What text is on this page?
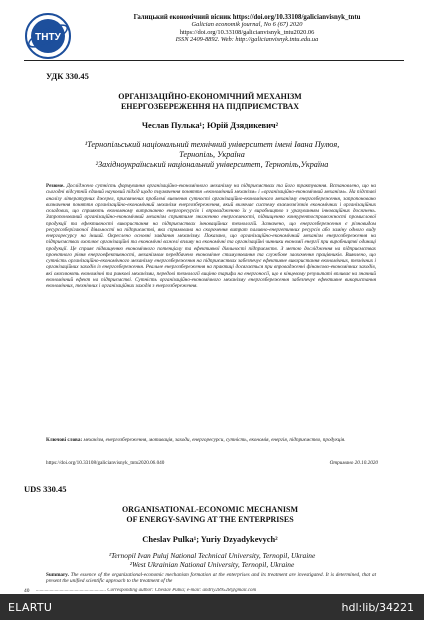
ТНТУ
Галицький економічний вісник https://doi.org/10.33108/galicianvisnyk_tntu
Galician economik journal, No 6 (67) 2020
https://doi.org/10.33108/galicianvisnyk_tntu2020.06
ISSN 2409-8892. Web: http://galicianvisnyk.tntu.edu.ua
УДК 330.45
ОРГАНІЗАЦІЙНО-ЕКОНОМІЧНИЙ МЕХАНІЗМ
ЕНЕРГОЗБЕРЕЖЕННЯ НА ПІДПРИЄМСТВАХ
Чеслав Пулька¹; Юрій Дзядикевич²
¹Тернопільський національний технічний університет імені Івана Пулюя,
Тернопіль, Україна
²Західноукраїнський національний університет, Тернопіль,Україна
Резюме. Досліджено сутність формування організаційно-економічного механізму на підприємствах та його трактування. Встановлено, що на сьогодні відсутній єдиний науковий підхід щодо тлумачення поняття «економічний механізм» і «організаційно-економічний механізм». На підставі аналізу літературних джерел, присвячених проблемі вивчення сутності організаційно-економічного механізму енергозбереження, запропоновано визначення поняття організаційно-економічний механізм енергозбереження, який включає систему взаємозв'язків економічних і організаційних складових, що сприяють економному витрачанню енергоресурсів і впровадженню їх у виробництво з урахуванням інноваційних досягнень. Запропонований організаційно-економічний механізм сприятиме зниженню енергоємності, підвищенню конкурентоспроможності промислової продукції та ефективності використання на підприємствах інноваційних технологій. Зазначено, що енергозбереження є різновидом ресурсозберігаючої діяльності на підприємстві, яка спрямована на скорочення витрат паливно-енергетичних ресурсів або заміну одного виду енергоресурсу на інший. Окреслено основні завдання механізму. Показано, що організаційно-економічний механізм енергозбереження на підприємствах охоплює організаційні та економічні важелі впливу на економічні та організаційні чинники економії енергії при виробництві одиниці продукції. Це сприяє підвищенню економічного потенціалу та ефективної діяльності підприємств. З метою дослідження на підприємствах проектного рівня енергоефективності, механізмом передбачено економічне стимулювання та службове заохочення працівників. Виявлено, що сутність організаційно-економічного механізму енергозбереження на підприємствах забезпечує ефективне використання економічних, технічних і організаційних заходів із енергозбереження. Реальне енергозбереження на практиці досягається при впровадженні фінансово-економічних заходів, які охоплюють економічні та ринкові механізми, передові технології виціню тарифи на енергоносії, що в кінцевому результаті впливає на значний економічний ефект на підприємстві. Сутність організаційно-економічного механізму енергозбереження забезпечує ефективне використання економічних, технічних і організаційних заходів з енергозбереження.
Ключові слова: механізм, енергозбереження, мотивація, заходи, енергоресурси, сутність, економія, енергія, підприємство, продукція.
https://doi.org/10.33108/galicianvisnyk_tntu2020.06.040	Отримано 20.10.2020
UDS 330.45
ORGANISATIONAL-ECONOMIC MECHANISM
OF ENERGY-SAVING AT THE ENTERPRISES
Cheslav Pulka¹; Yuriy Dzyadykevych²
¹Ternopil Ivan Puluj National Technical University, Ternopil, Ukraine
²West Ukrainian National University, Ternopil, Ukraine
Summary. The essence of the organizational-economic mechanism formation at the enterprises and its treatment are investigated. It is determined, that at present the unified scientific approach to the treatment of the
40 ........................................................ Corresponding author: Cheslav Pulka; e-mail: andriy289528@gmail.com
ELARTU	hdl:lib/34221
